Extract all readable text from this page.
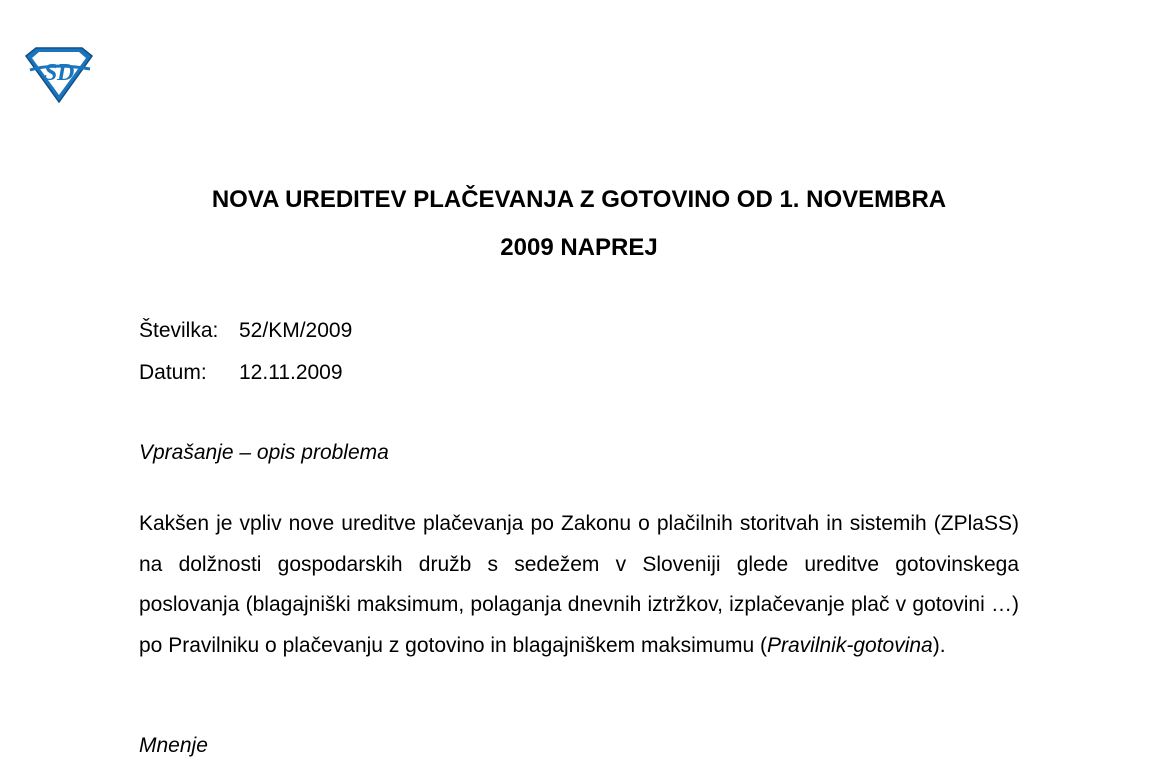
S D
NOVA UREDITEV PLAČEVANJA Z GOTOVINO OD 1. NOVEMBRA
2009 NAPREJ
Številka: 52/KM/2009
Datum: 12.11.2009

Vprašanje – opis problema

Kakšen je vpliv nove ureditve plačevanja po Zakonu o plačilnih storitvah in sistemih (ZPlaSS) na dolžnosti gospodarskih družb s sedežem v Sloveniji glede ureditve gotovinskega poslovanja (blagajniški maksimum, polaganja dnevnih iztržkov, izplačevanje plač v gotovini …) po Pravilniku o plačevanju z gotovino in blagajniškem maksimumu (Pravilnik-gotovina).

Mnenje
